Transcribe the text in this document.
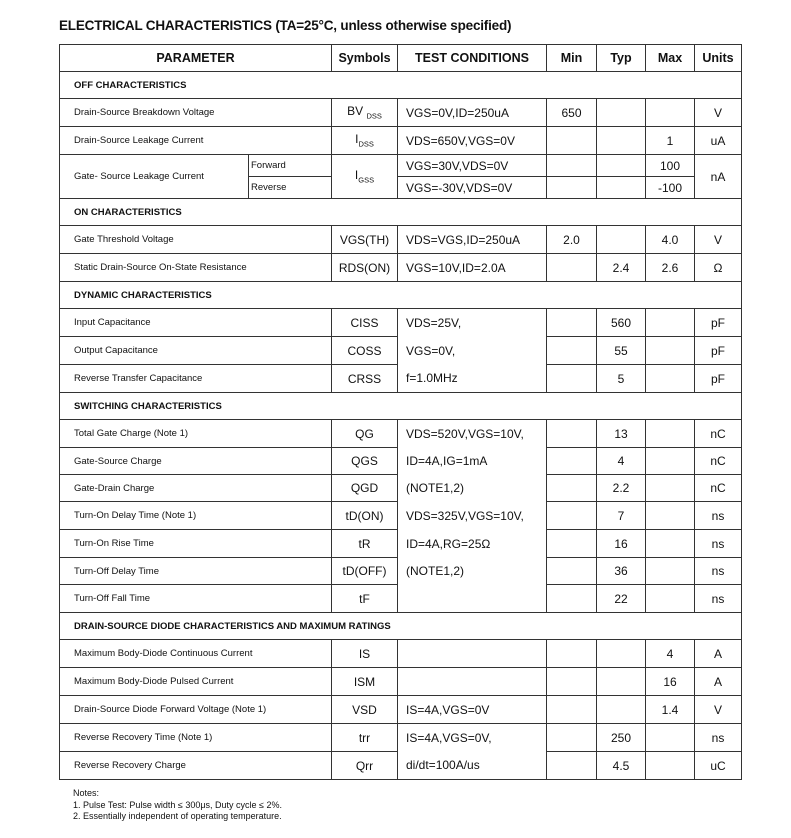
ELECTRICAL CHARACTERISTICS (TA=25°C, unless otherwise specified)
PARAMETER		Symbols	TEST CONDITIONS	Min	Typ	Max	Units
OFF CHARACTERISTICS							
Drain-Source Breakdown Voltage		BV $_{DSS}$	VGS=0V,ID=250uA	650			V
Drain-Source Leakage Current		$I_{DSS}$	VDS=650V,VGS=0V			1	uA
Gate- Source Leakage Current	Forward	$I_{GSS}$	VGS=30V,VDS=0V			100	nA
	Reverse		VGS=-30V,VDS=0V			-100	
ON CHARACTERISTICS							
Gate Threshold Voltage		VGS(TH)	VDS=VGS,ID=250uA	2.0		4.0	V
Static Drain-Source On-State Resistance		RDS(ON)	VGS=10V,ID=2.0A		2.4	2.6	Ω
DYNAMIC CHARACTERISTICS							
Input Capacitance		CISS	VDS=25V,		560		pF
Output Capacitance		COSS	VGS=0V,		55		pF
Reverse Transfer Capacitance		CRSS	f=1.0MHz		5		pF
SWITCHING CHARACTERISTICS							
Total Gate Charge (Note 1)		QG	VDS=520V,VGS=10V,		13		nC
Gate-Source Charge		QGS	ID=4A,IG=1mA		4		nC
Gate-Drain Charge		QGD	(NOTE1,2)		2.2		nC
Turn-On Delay Time (Note 1)		tD(ON)	VDS=325V,VGS=10V,		7		ns
Turn-On Rise Time		tR	ID=4A,RG=25Ω		16		ns
Turn-Off Delay Time		tD(OFF)	(NOTE1,2)		36		ns
Turn-Off Fall Time		tF			22		ns
DRAIN-SOURCE DIODE CHARACTERISTICS AND MAXIMUM RATINGS							
Maximum Body-Diode Continuous Current		IS				4	A
Maximum Body-Diode Pulsed Current		ISM				16	A
Drain-Source Diode Forward Voltage (Note 1)		VSD	IS=4A,VGS=0V			1.4	V
Reverse Recovery Time (Note 1)		trr	IS=4A,VGS=0V,		250		ns
Reverse Recovery Charge		Qrr	di/dt=100A/us		4.5		uC
Notes:
1. Pulse Test: Pulse width ≤ 300μs, Duty cycle ≤ 2%.
2. Essentially independent of operating temperature.
